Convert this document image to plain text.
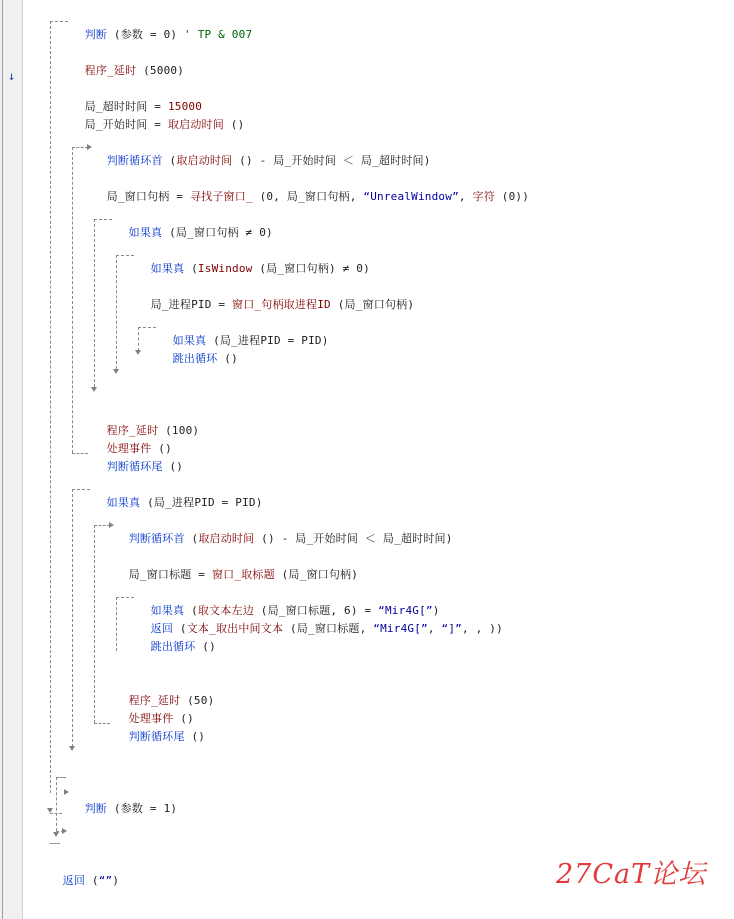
↓

判断 (参数 = 0) ' TP & 007

程序_延时 (5000)

局_超时时间 = 15000

局_开始时间 = 取启动时间 ()

判断循环首 (取启动时间 () - 局_开始时间 ＜ 局_超时时间)

局_窗口句柄 = 寻找子窗口_ (0, 局_窗口句柄, “UnrealWindow”, 字符 (0))

如果真 (局_窗口句柄 ≠ 0)

如果真 (IsWindow (局_窗口句柄) ≠ 0)

局_进程PID = 窗口_句柄取进程ID (局_窗口句柄)

如果真 (局_进程PID = PID)

跳出循环 ()

程序_延时 (100)

处理事件 ()

判断循环尾 ()

如果真 (局_进程PID = PID)

判断循环首 (取启动时间 () - 局_开始时间 ＜ 局_超时时间)

局_窗口标题 = 窗口_取标题 (局_窗口句柄)

如果真 (取文本左边 (局_窗口标题, 6) = “Mir4G[”)

返回 (文本_取出中间文本 (局_窗口标题, “Mir4G[”, “]”, , ))

跳出循环 ()

程序_延时 (50)

处理事件 ()

判断循环尾 ()

判断 (参数 = 1)

返回 (“”)	27CaT论坛
